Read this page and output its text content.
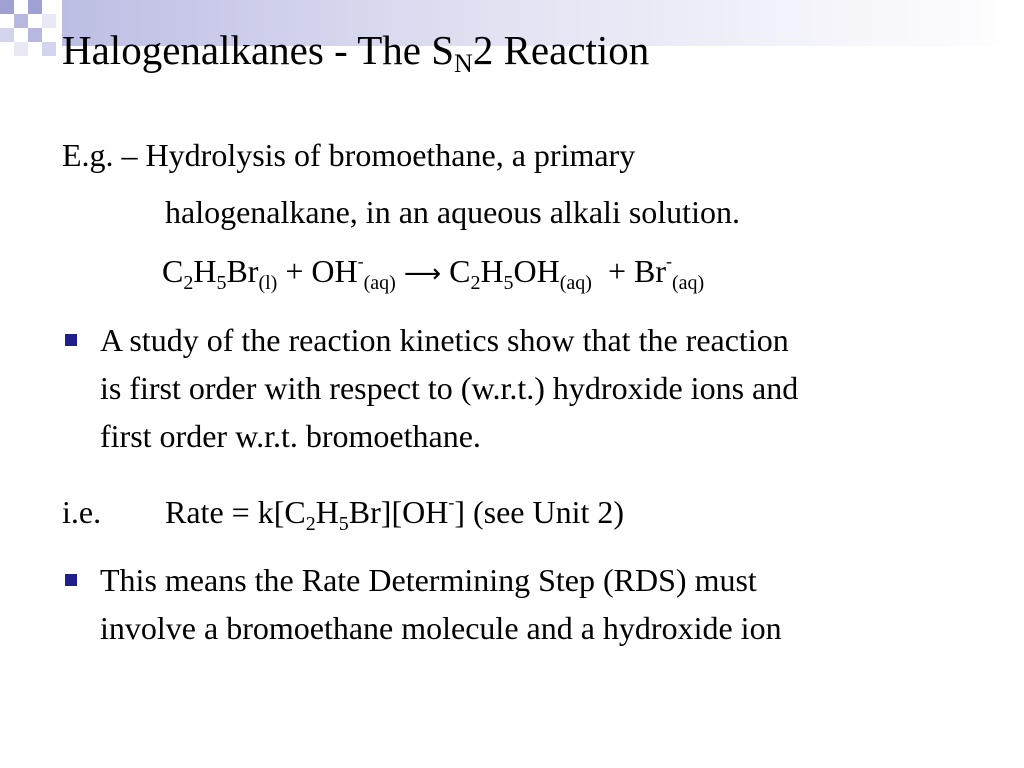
Halogenalkanes - The $S_N2$ Reaction
E.g. – Hydrolysis of bromoethane, a primary
halogenalkane, in an aqueous alkali solution.
$C_2H_5Br_{(l)} + OH^-_{(aq)}$ ⟶ $C_2H_5OH_{(aq)} + Br^-_{(aq)}$
A study of the reaction kinetics show that the reaction
is first order with respect to (w.r.t.) hydroxide ions and
first order w.r.t. bromoethane.
i.e. Rate = $k[C_2H_5Br][OH^-]$ (see Unit 2)
This means the Rate Determining Step (RDS) must
involve a bromoethane molecule and a hydroxide ion
